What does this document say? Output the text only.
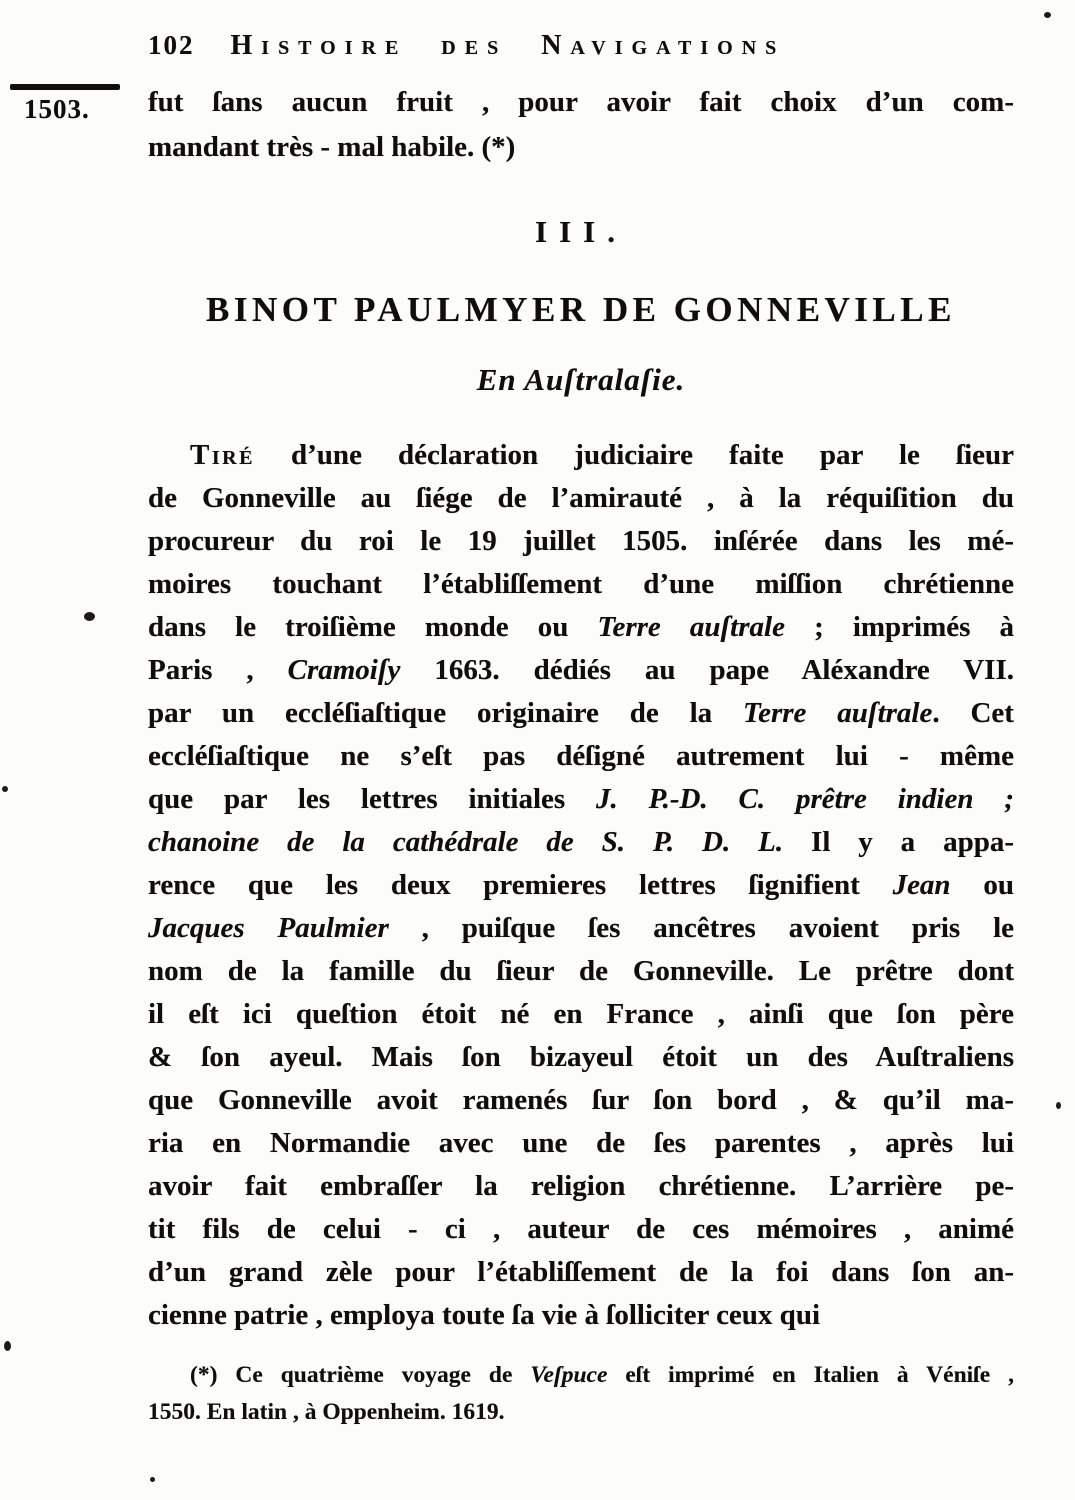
1503.
102 Histoire des Navigations
fut ſans aucun fruit , pour avoir fait choix d’un com-
mandant très - mal habile. (*)
III.
BINOT PAULMYER DE GONNEVILLE
En Auſtralaſie.
Tiré d’une déclaration judiciaire faite par le ſieur
de Gonneville au ſiége de l’amirauté , à la réquiſition du
procureur du roi le 19 juillet 1505. inſérée dans les mé-
moires touchant l’établiſſement d’une miſſion chrétienne
dans le troiſième monde ou Terre auſtrale ; imprimés à
Paris , Cramoiſy 1663. dédiés au pape Aléxandre VII.
par un eccléſiaſtique originaire de la Terre auſtrale. Cet
eccléſiaſtique ne s’eſt pas déſigné autrement lui - même
que par les lettres initiales J. P.-D. C. prêtre indien ;
chanoine de la cathédrale de S. P. D. L. Il y a appa-
rence que les deux premieres lettres ſignifient Jean ou
Jacques Paulmier , puiſque ſes ancêtres avoient pris le
nom de la famille du ſieur de Gonneville. Le prêtre dont
il eſt ici queſtion étoit né en France , ainſi que ſon père
& ſon ayeul. Mais ſon bizayeul étoit un des Auſtraliens
que Gonneville avoit ramenés ſur ſon bord , & qu’il ma-
ria en Normandie avec une de ſes parentes , après lui
avoir fait embraſſer la religion chrétienne. L’arrière pe-
tit fils de celui - ci , auteur de ces mémoires , animé
d’un grand zèle pour l’établiſſement de la foi dans ſon an-
cienne patrie , employa toute ſa vie à ſolliciter ceux qui
(*) Ce quatrième voyage de Veſpuce eſt imprimé en Italien à Véniſe ,
1550. En latin , à Oppenheim. 1619.
